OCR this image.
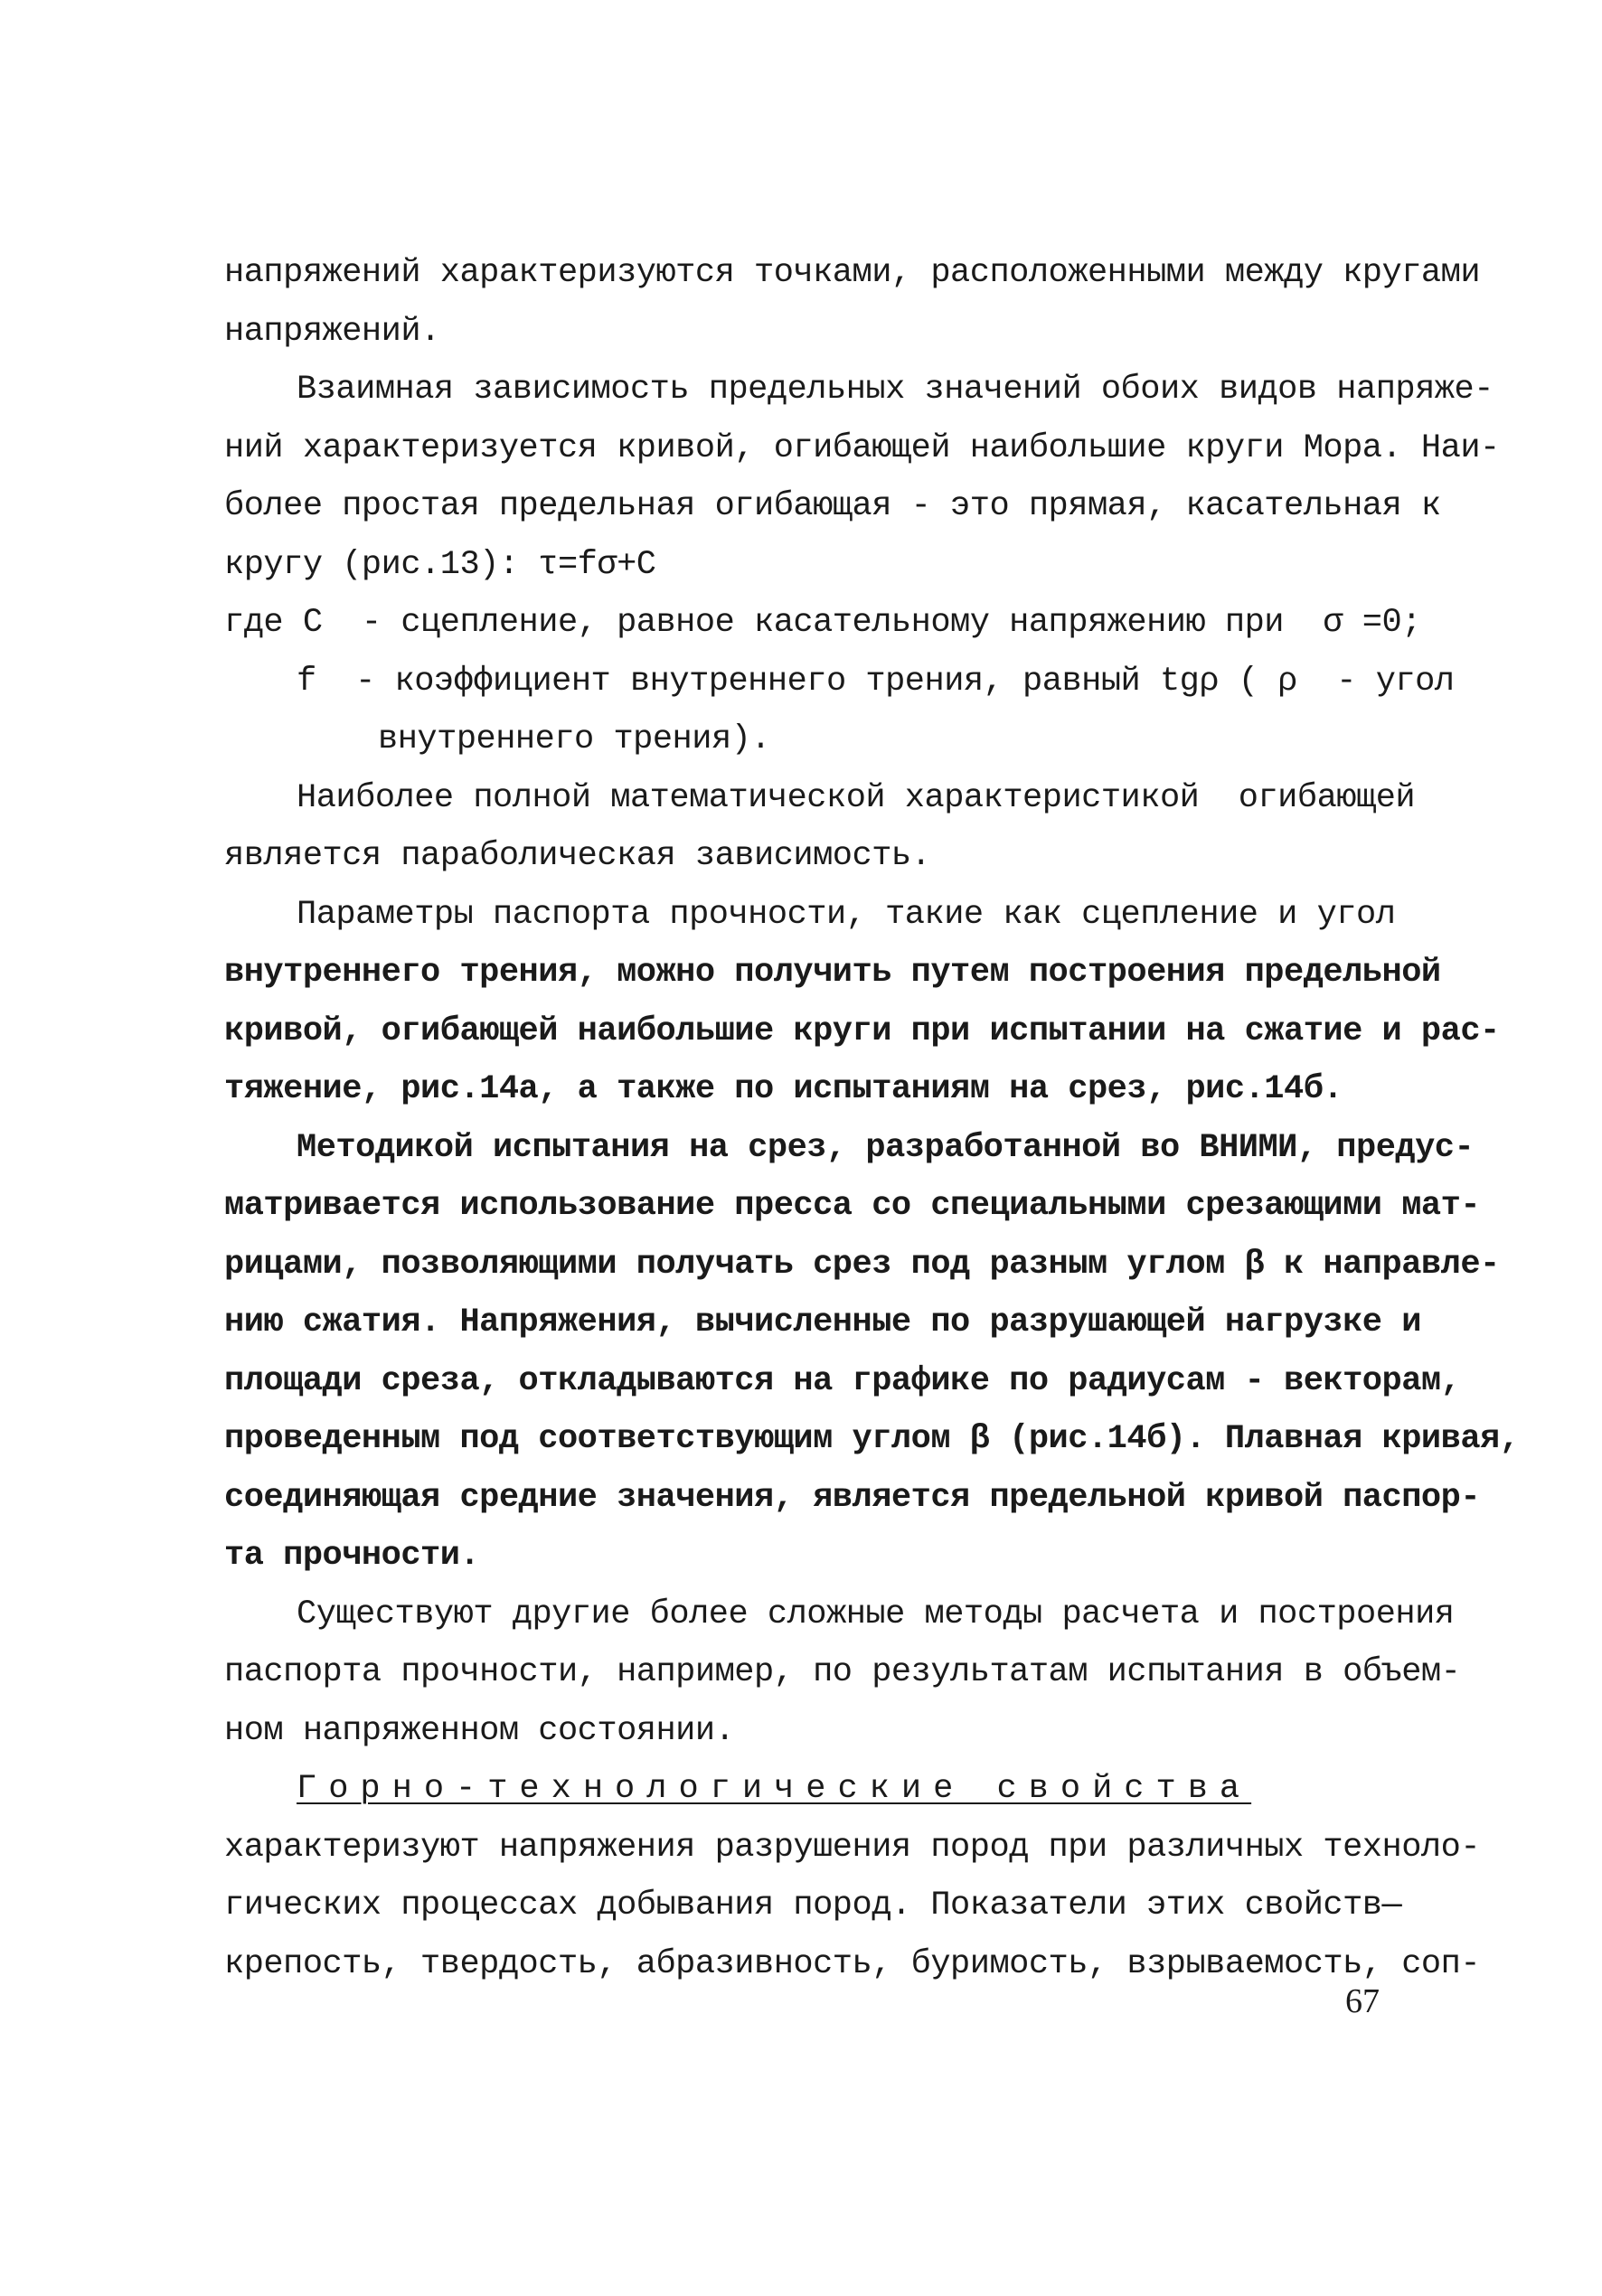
напряжений характеризуются точками, расположенными между кругами
напряжений.
Взаимная зависимость предельных значений обоих видов напряже-
ний характеризуется кривой, огибающей наибольшие круги Мора. Наи-
более простая предельная огибающая - это прямая, касательная к
кругу (рис.13): τ=fσ+C
где C  - сцепление, равное касательному напряжению при  σ =0;
f  - коэффициент внутреннего трения, равный tgρ ( ρ  - угол
внутреннего трения).
Наиболее полной математической характеристикой  огибающей
является параболическая зависимость.
Параметры паспорта прочности, такие как сцепление и угол
внутреннего трения, можно получить путем построения предельной
кривой, огибающей наибольшие круги при испытании на сжатие и рас-
тяжение, рис.14а, а также по испытаниям на срез, рис.14б.
Методикой испытания на срез, разработанной во ВНИМИ, предус-
матривается использование пресса со специальными срезающими мат-
рицами, позволяющими получать срез под разным углом β к направле-
нию сжатия. Напряжения, вычисленные по разрушающей нагрузке и
площади среза, откладываются на графике по радиусам - векторам,
проведенным под соответствующим углом β (рис.14б). Плавная кривая,
соединяющая средние значения, является предельной кривой паспор-
та прочности.
Существуют другие более сложные методы расчета и построения
паспорта прочности, например, по результатам испытания в объем-
ном напряженном состоянии.
Горно-технологические свойства
характеризуют напряжения разрушения пород при различных техноло-
гических процессах добывания пород. Показатели этих свойств—
крепость, твердость, абразивность, буримость, взрываемость, соп-
67
